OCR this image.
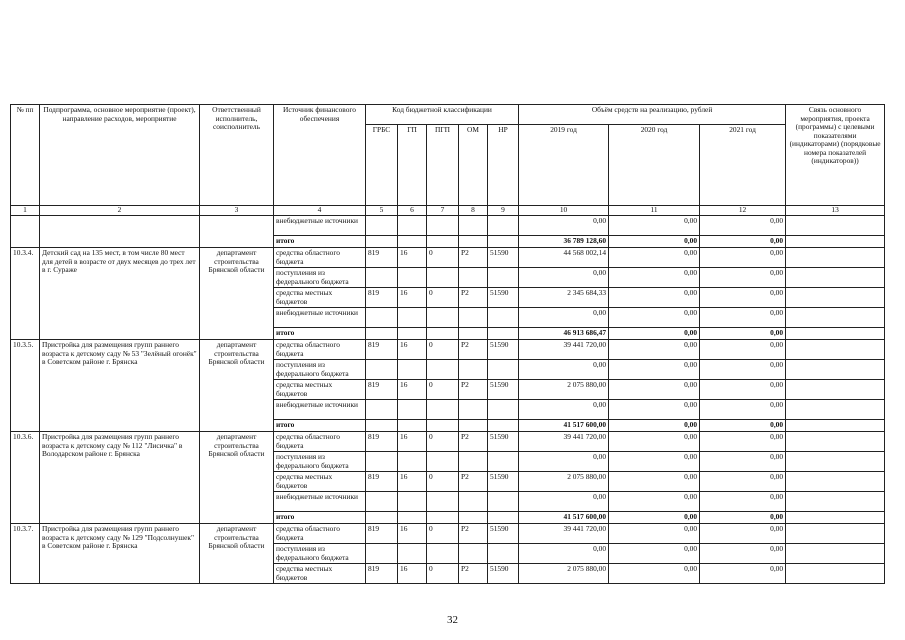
№ пп	Подпрограмма, основное мероприятие (проект), направление расходов, мероприятие	Ответственный исполнитель, соисполнитель	Источник финансового обеспечения	Код бюджетной классификации					Объём средств на реализацию, рублей			Связь основного мероприятия, проекта (программы) с целевыми показателями (индикаторами) (порядковые номера показателей (индикаторов))
				ГРБС	ГП	ПГП	ОМ	НР	2019 год	2020 год	2021 год	
1	2	3	4	5	6	7	8	9	10	11	12	13
			внебюджетные источники						0,00	0,00	0,00	
			итого						36 789 128,60	0,00	0,00	
10.3.4.	Детский сад на 135 мест, в том числе 80 мест для детей в возрасте от двух месяцев до трех лет в г. Сураже	департамент строительства Брянской области	средства областного бюджета	819	16	0	P2	51590	44 568 002,14	0,00	0,00	
			поступления из федерального бюджета						0,00	0,00	0,00	
			средства местных бюджетов	819	16	0	P2	51590	2 345 684,33	0,00	0,00	
			внебюджетные источники						0,00	0,00	0,00	
			итого						46 913 686,47	0,00	0,00	
10.3.5.	Пристройка для размещения групп раннего возраста к детскому саду № 53 "Зелёный огонёк" в Советском районе г. Брянска	департамент строительства Брянской области	средства областного бюджета	819	16	0	P2	51590	39 441 720,00	0,00	0,00	
			поступления из федерального бюджета						0,00	0,00	0,00	
			средства местных бюджетов	819	16	0	P2	51590	2 075 880,00	0,00	0,00	
			внебюджетные источники						0,00	0,00	0,00	
			итого						41 517 600,00	0,00	0,00	
10.3.6.	Пристройка для размещения групп раннего возраста к детскому саду № 112 "Лисичка" в Володарском районе г. Брянска	департамент строительства Брянской области	средства областного бюджета	819	16	0	P2	51590	39 441 720,00	0,00	0,00	
			поступления из федерального бюджета						0,00	0,00	0,00	
			средства местных бюджетов	819	16	0	P2	51590	2 075 880,00	0,00	0,00	
			внебюджетные источники						0,00	0,00	0,00	
			итого						41 517 600,00	0,00	0,00	
10.3.7.	Пристройка для размещения групп раннего возраста к детскому саду № 129 "Подсолнушек" в Советском районе г. Брянска	департамент строительства Брянской области	средства областного бюджета	819	16	0	P2	51590	39 441 720,00	0,00	0,00	
			поступления из федерального бюджета						0,00	0,00	0,00	
			средства местных бюджетов	819	16	0	P2	51590	2 075 880,00	0,00	0,00	
32
